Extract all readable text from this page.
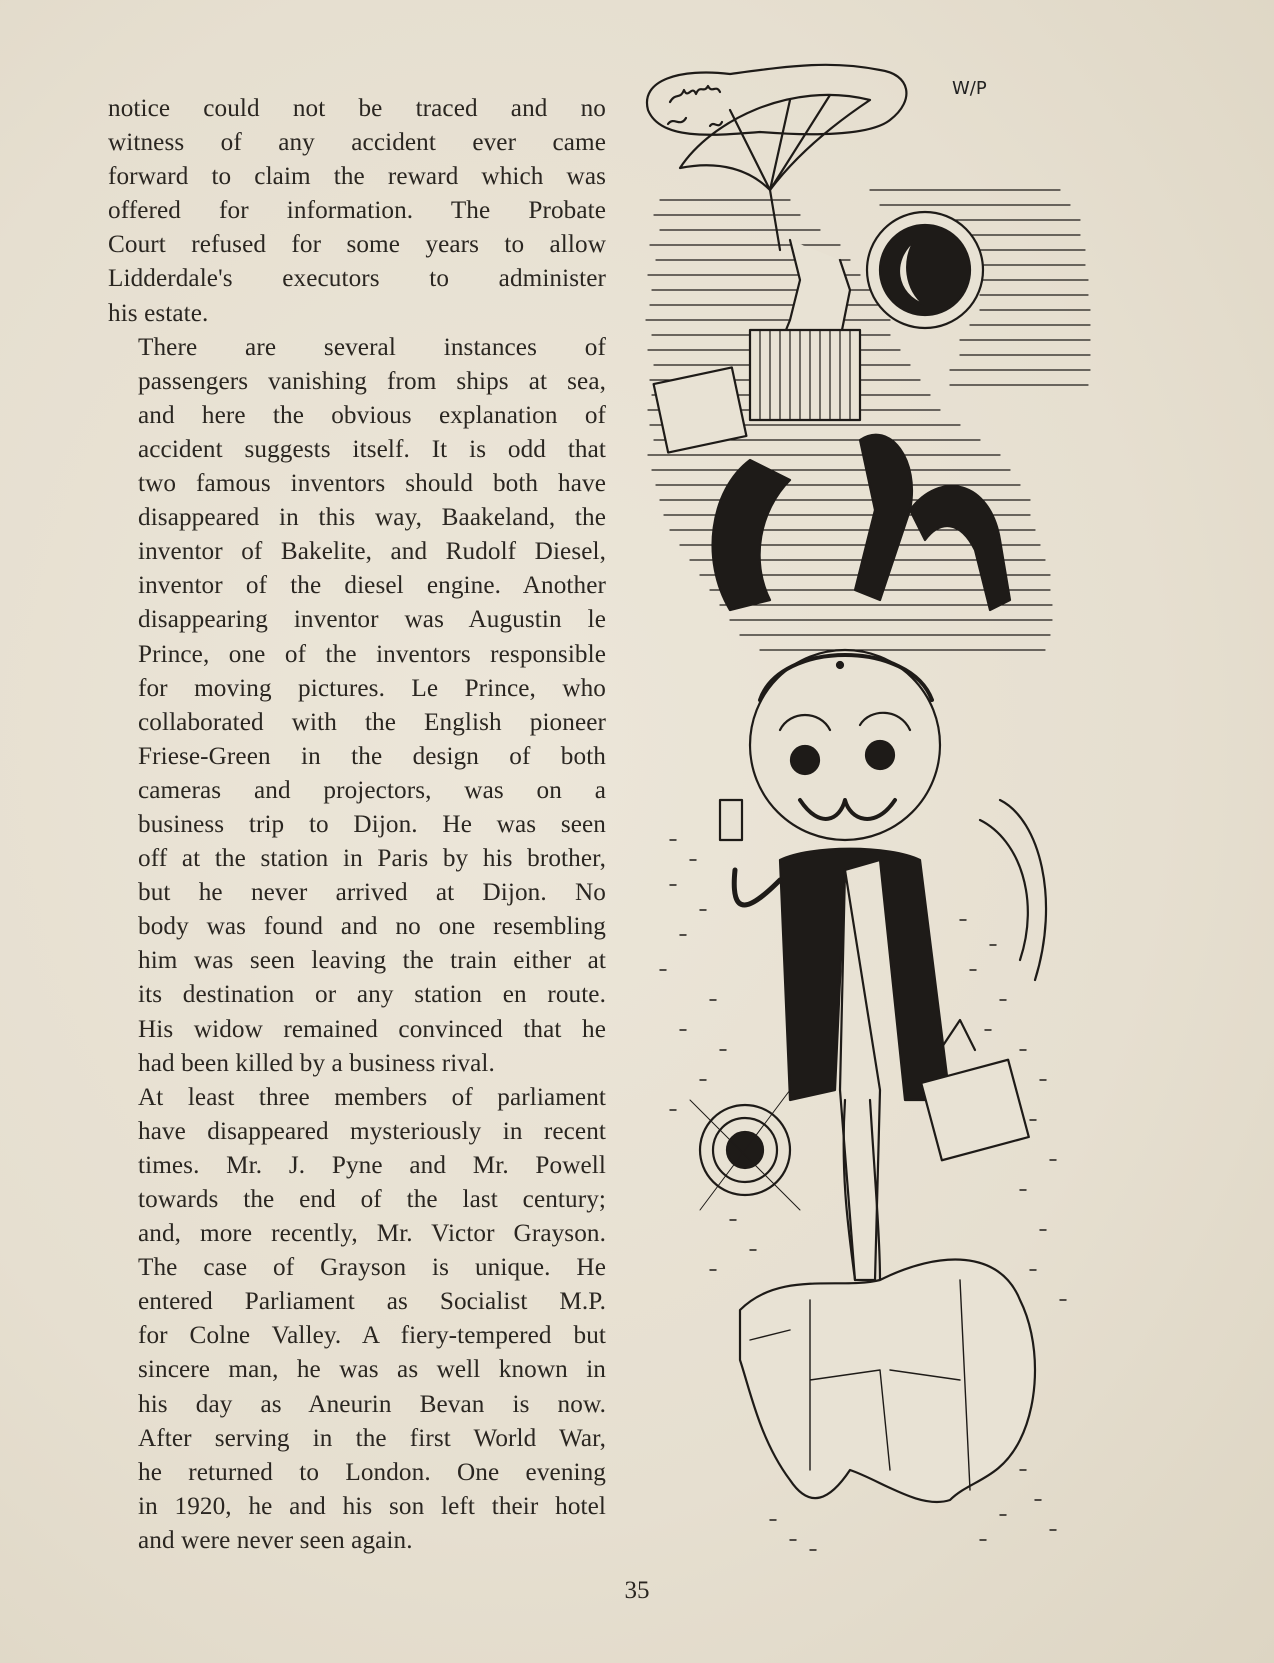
notice could not be traced and no
witness of any accident ever came
forward to claim the reward which was
offered for information. The Probate
Court refused for some years to allow
Lidderdale's executors to administer
his estate.

There are several instances of
passengers vanishing from ships at sea,
and here the obvious explanation of
accident suggests itself. It is odd that
two famous inventors should both have
disappeared in this way, Baakeland, the
inventor of Bakelite, and Rudolf Diesel,
inventor of the diesel engine. Another
disappearing inventor was Augustin le
Prince, one of the inventors responsible
for moving pictures. Le Prince, who
collaborated with the English pioneer
Friese-Green in the design of both
cameras and projectors, was on a
business trip to Dijon. He was seen
off at the station in Paris by his brother,
but he never arrived at Dijon. No
body was found and no one resembling
him was seen leaving the train either at
its destination or any station en route.
His widow remained convinced that he
had been killed by a business rival.

At least three members of parliament
have disappeared mysteriously in recent
times. Mr. J. Pyne and Mr. Powell
towards the end of the last century;
and, more recently, Mr. Victor Grayson.
The case of Grayson is unique. He
entered Parliament as Socialist M.P.
for Colne Valley. A fiery-tempered but
sincere man, he was as well known in
his day as Aneurin Bevan is now.
After serving in the first World War,
he returned to London. One evening
in 1920, he and his son left their hotel
and were never seen again.

W/P
35
